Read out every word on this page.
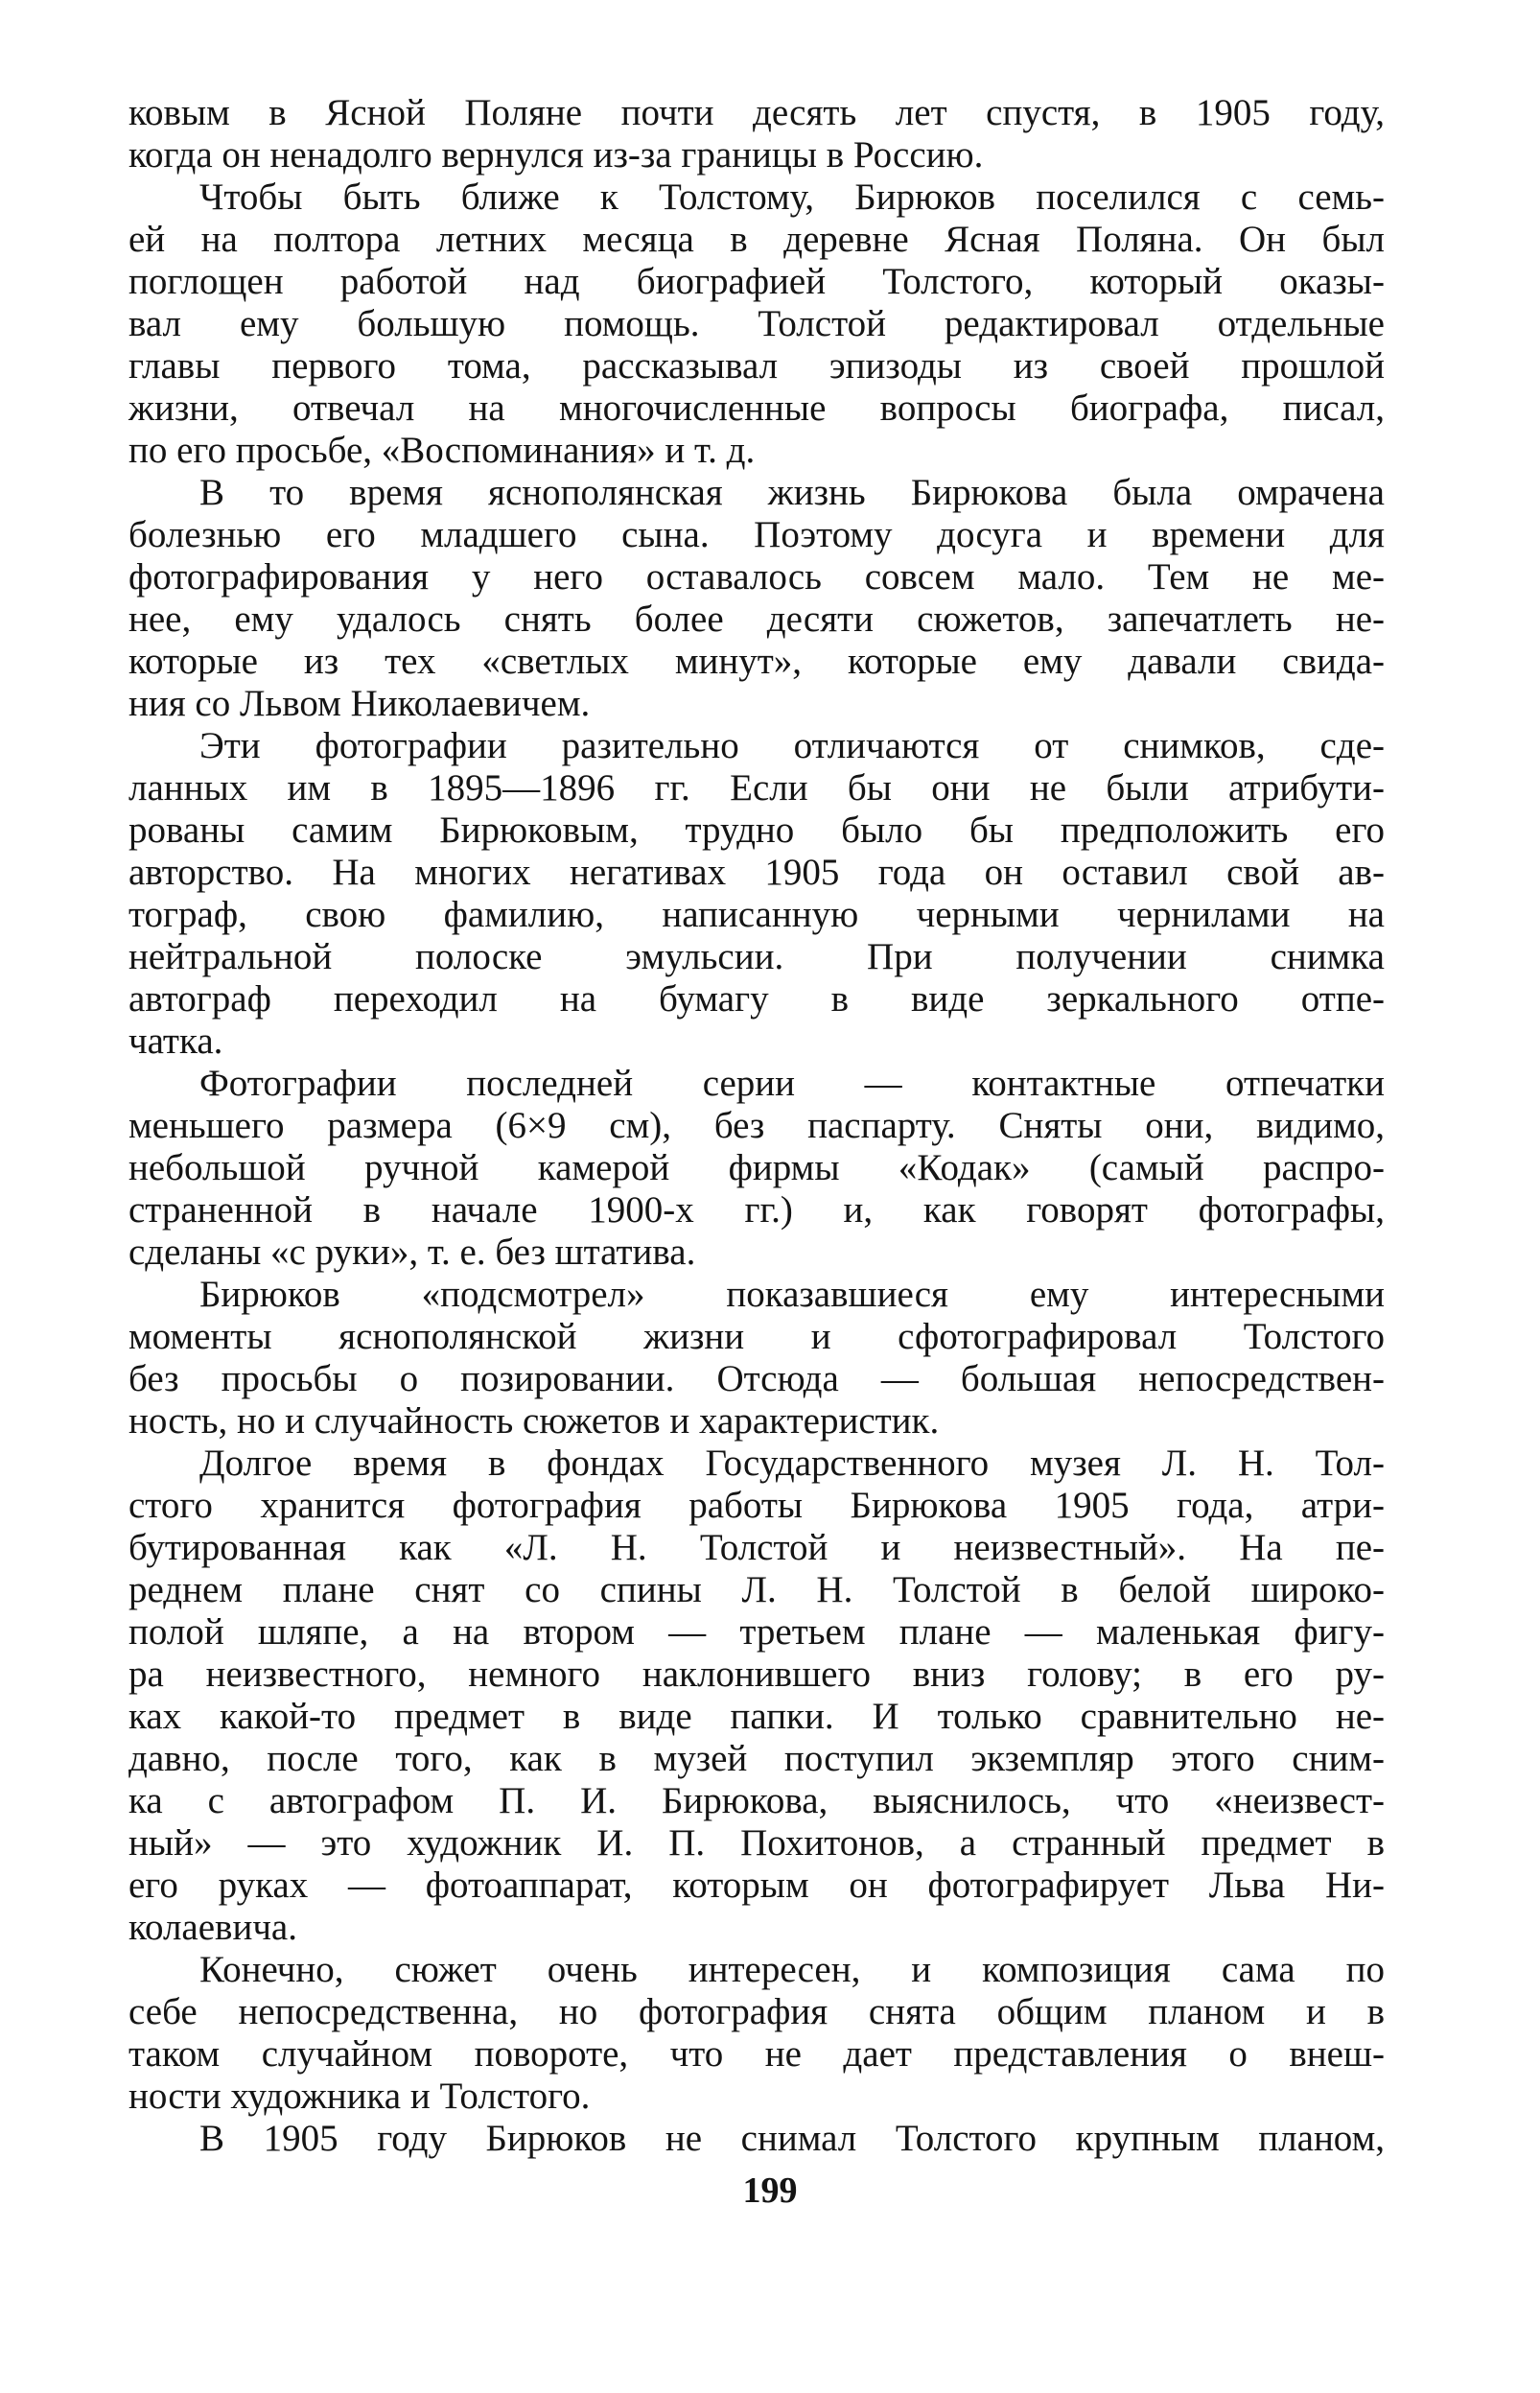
ковым в Ясной Поляне почти десять лет спустя, в 1905 году,
когда он ненадолго вернулся из-за границы в Россию.
Чтобы быть ближе к Толстому, Бирюков поселился с семь-
ей на полтора летних месяца в деревне Ясная Поляна. Он был
поглощен работой над биографией Толстого, который оказы-
вал ему большую помощь. Толстой редактировал отдельные
главы первого тома, рассказывал эпизоды из своей прошлой
жизни, отвечал на многочисленные вопросы биографа, писал,
по его просьбе, «Воспоминания» и т. д.
В то время яснополянская жизнь Бирюкова была омрачена
болезнью его младшего сына. Поэтому досуга и времени для
фотографирования у него оставалось совсем мало. Тем не ме-
нее, ему удалось снять более десяти сюжетов, запечатлеть не-
которые из тех «светлых минут», которые ему давали свида-
ния со Львом Николаевичем.
Эти фотографии разительно отличаются от снимков, сде-
ланных им в 1895—1896 гг. Если бы они не были атрибути-
рованы самим Бирюковым, трудно было бы предположить его
авторство. На многих негативах 1905 года он оставил свой ав-
тограф, свою фамилию, написанную черными чернилами на
нейтральной полоске эмульсии. При получении снимка
автограф переходил на бумагу в виде зеркального отпе-
чатка.
Фотографии последней серии — контактные отпечатки
меньшего размера (6×9 см), без паспарту. Сняты они, видимо,
небольшой ручной камерой фирмы «Кодак» (самый распро-
страненной в начале 1900-х гг.) и, как говорят фотографы,
сделаны «с руки», т. е. без штатива.
Бирюков «подсмотрел» показавшиеся ему интересными
моменты яснополянской жизни и сфотографировал Толстого
без просьбы о позировании. Отсюда — большая непосредствен-
ность, но и случайность сюжетов и характеристик.
Долгое время в фондах Государственного музея Л. Н. Тол-
стого хранится фотография работы Бирюкова 1905 года, атри-
бутированная как «Л. Н. Толстой и неизвестный». На пе-
реднем плане снят со спины Л. Н. Толстой в белой широко-
полой шляпе, а на втором — третьем плане — маленькая фигу-
ра неизвестного, немного наклонившего вниз голову; в его ру-
ках какой-то предмет в виде папки. И только сравнительно не-
давно, после того, как в музей поступил экземпляр этого сним-
ка с автографом П. И. Бирюкова, выяснилось, что «неизвест-
ный» — это художник И. П. Похитонов, а странный предмет в
его руках — фотоаппарат, которым он фотографирует Льва Ни-
колаевича.
Конечно, сюжет очень интересен, и композиция сама по
себе непосредственна, но фотография снята общим планом и в
таком случайном повороте, что не дает представления о внеш-
ности художника и Толстого.
В 1905 году Бирюков не снимал Толстого крупным планом,
199
